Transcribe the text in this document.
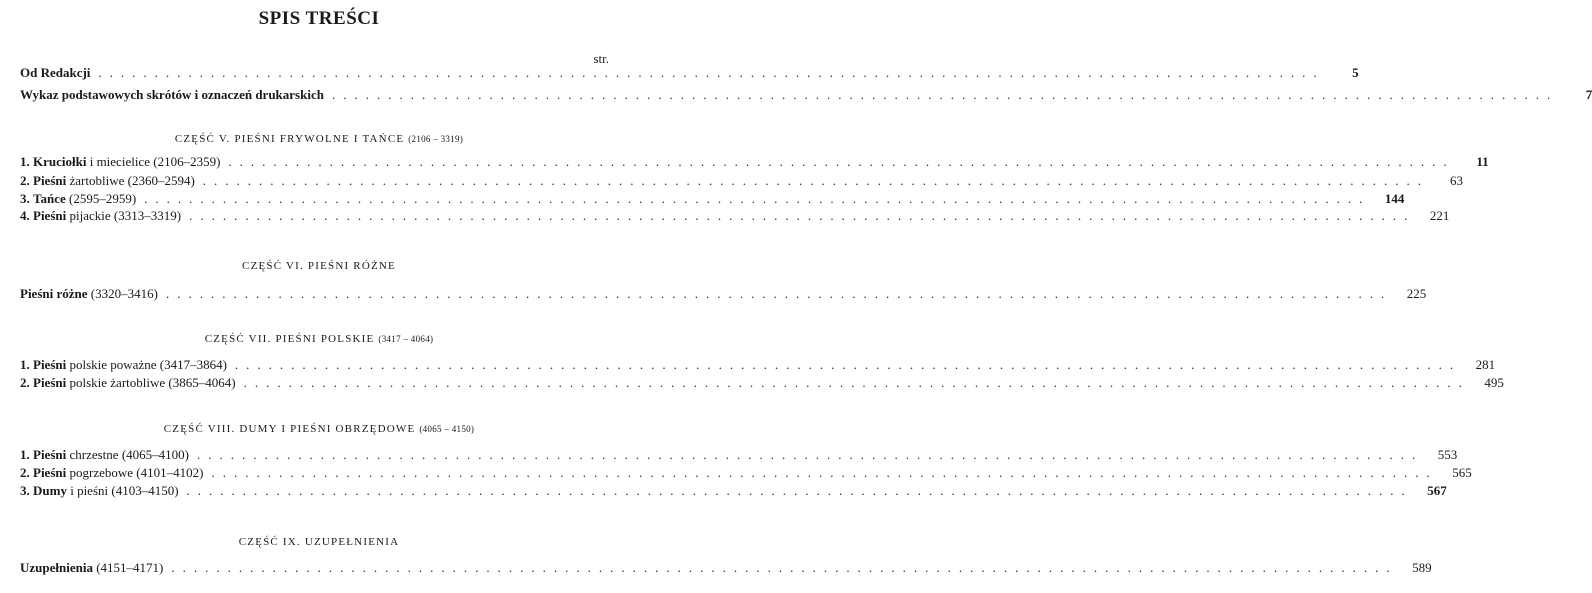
SPIS TREŚCI
str.
Od Redakcji .............................................................................................................	5
Wykaz podstawowych skrótów i oznaczeń drukarskich .............................................................................................................	7
CZĘŚĆ V. PIEŚNI FRYWOLNE I TAŃCE (2106 – 3319)
1. Kruciołki i miecielice (2106–2359) .............................................................................................................	11
2. Pieśni żartobliwe (2360–2594) .............................................................................................................	63
3. Tańce (2595–2959) .............................................................................................................	144
4. Pieśni pijackie (3313–3319) .............................................................................................................	221
CZĘŚĆ VI. PIEŚNI RÓŻNE
Pieśni różne (3320–3416) .............................................................................................................	225
CZĘŚĆ VII. PIEŚNI POLSKIE (3417 – 4064)
1. Pieśni polskie poważne (3417–3864) .............................................................................................................	281
2. Pieśni polskie żartobliwe (3865–4064) .............................................................................................................	495
CZĘŚĆ VIII. DUMY I PIEŚNI OBRZĘDOWE (4065 – 4150)
1. Pieśni chrzestne (4065–4100) .............................................................................................................	553
2. Pieśni pogrzebowe (4101–4102) .............................................................................................................	565
3. Dumy i pieśni (4103–4150) .............................................................................................................	567
CZĘŚĆ IX. UZUPEŁNIENIA
Uzupełnienia (4151–4171) .............................................................................................................	589
